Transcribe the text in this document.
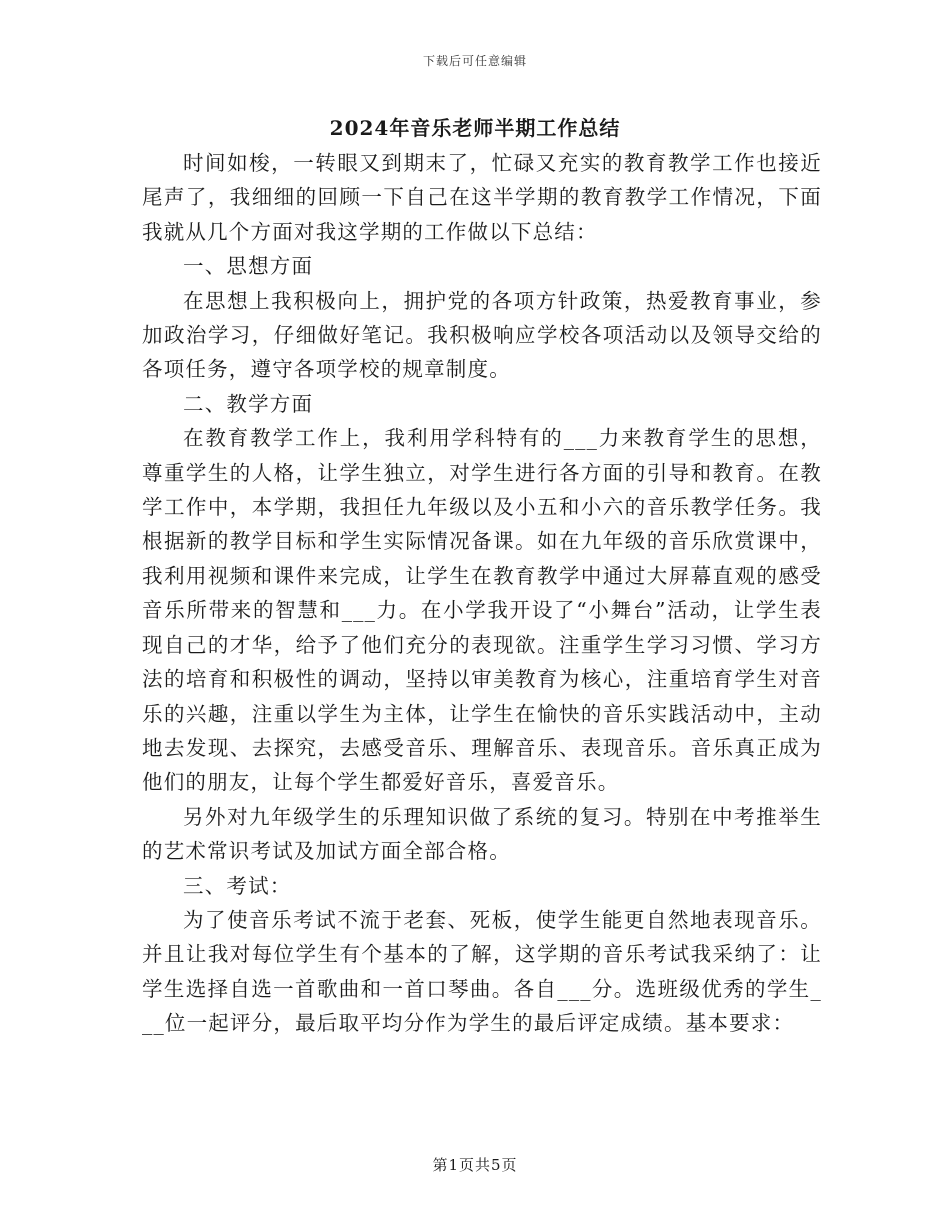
下载后可任意编辑
2024年音乐老师半期工作总结

时间如梭，一转眼又到期末了，忙碌又充实的教育教学工作也接近尾声了，我细细的回顾一下自己在这半学期的教育教学工作情况，下面我就从几个方面对我这学期的工作做以下总结：

一、思想方面

在思想上我积极向上，拥护党的各项方针政策，热爱教育事业，参加政治学习，仔细做好笔记。我积极响应学校各项活动以及领导交给的各项任务，遵守各项学校的规章制度。

二、教学方面

在教育教学工作上，我利用学科特有的___力来教育学生的思想，尊重学生的人格，让学生独立，对学生进行各方面的引导和教育。在教学工作中，本学期，我担任九年级以及小五和小六的音乐教学任务。我根据新的教学目标和学生实际情况备课。如在九年级的音乐欣赏课中，我利用视频和课件来完成，让学生在教育教学中通过大屏幕直观的感受音乐所带来的智慧和___力。在小学我开设了“小舞台”活动，让学生表现自己的才华，给予了他们充分的表现欲。注重学生学习习惯、学习方法的培育和积极性的调动，坚持以审美教育为核心，注重培育学生对音乐的兴趣，注重以学生为主体，让学生在愉快的音乐实践活动中，主动地去发现、去探究，去感受音乐、理解音乐、表现音乐。音乐真正成为他们的朋友，让每个学生都爱好音乐，喜爱音乐。

另外对九年级学生的乐理知识做了系统的复习。特别在中考推举生的艺术常识考试及加试方面全部合格。

三、考试：

为了使音乐考试不流于老套、死板，使学生能更自然地表现音乐。并且让我对每位学生有个基本的了解，这学期的音乐考试我采纳了：让学生选择自选一首歌曲和一首口琴曲。各自___分。选班级优秀的学生___位一起评分，最后取平均分作为学生的最后评定成绩。基本要求：

第1页共5页
